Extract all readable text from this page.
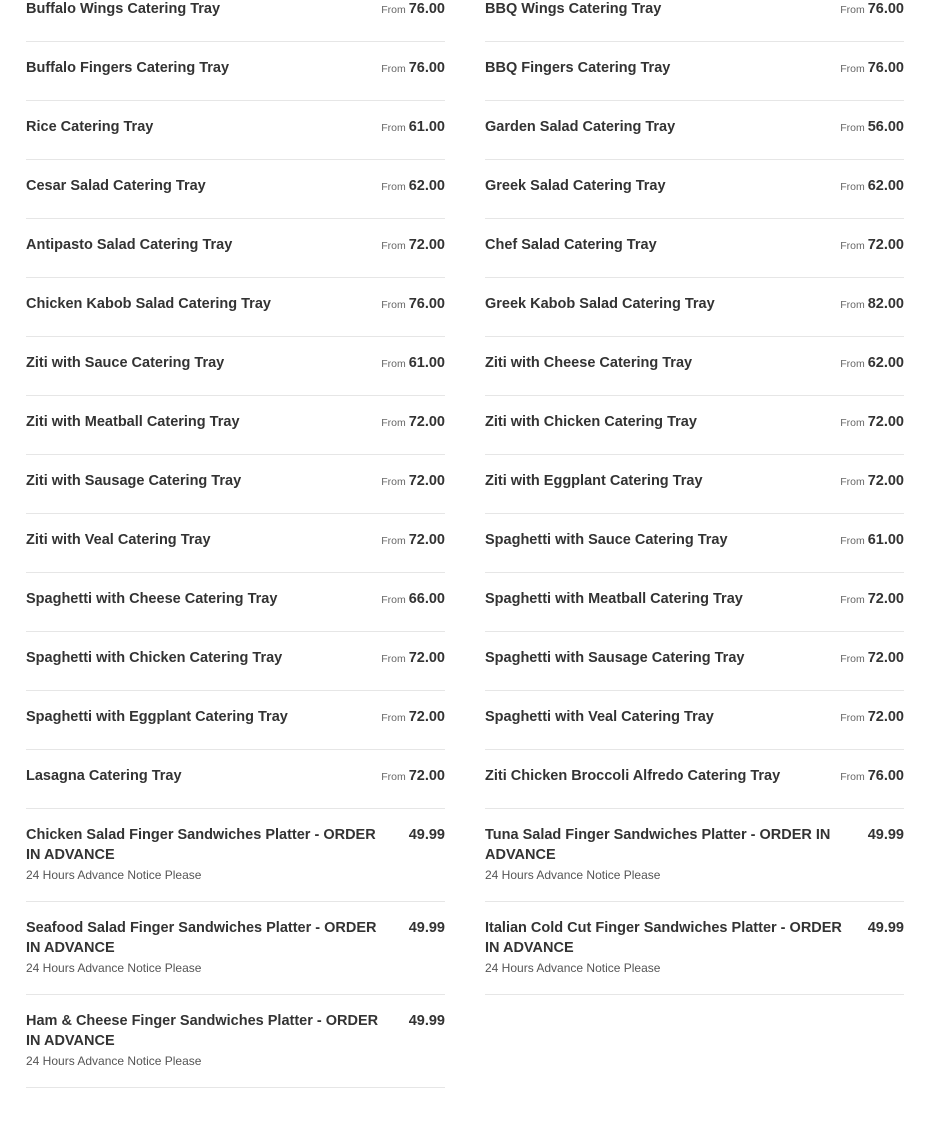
Buffalo Wings Catering Tray	From 76.00
Buffalo Fingers Catering Tray	From 76.00
Rice Catering Tray	From 61.00
Cesar Salad Catering Tray	From 62.00
Antipasto Salad Catering Tray	From 72.00
Chicken Kabob Salad Catering Tray	From 76.00
Ziti with Sauce Catering Tray	From 61.00
Ziti with Meatball Catering Tray	From 72.00
Ziti with Sausage Catering Tray	From 72.00
Ziti with Veal Catering Tray	From 72.00
Spaghetti with Cheese Catering Tray	From 66.00
Spaghetti with Chicken Catering Tray	From 72.00
Spaghetti with Eggplant Catering Tray	From 72.00
Lasagna Catering Tray	From 72.00
Chicken Salad Finger Sandwiches Platter - ORDER IN ADVANCE
24 Hours Advance Notice Please
49.99
Seafood Salad Finger Sandwiches Platter - ORDER IN ADVANCE
24 Hours Advance Notice Please
49.99
Ham & Cheese Finger Sandwiches Platter - ORDER IN ADVANCE
24 Hours Advance Notice Please
49.99
BBQ Wings Catering Tray	From 76.00
BBQ Fingers Catering Tray	From 76.00
Garden Salad Catering Tray	From 56.00
Greek Salad Catering Tray	From 62.00
Chef Salad Catering Tray	From 72.00
Greek Kabob Salad Catering Tray	From 82.00
Ziti with Cheese Catering Tray	From 62.00
Ziti with Chicken Catering Tray	From 72.00
Ziti with Eggplant Catering Tray	From 72.00
Spaghetti with Sauce Catering Tray	From 61.00
Spaghetti with Meatball Catering Tray	From 72.00
Spaghetti with Sausage Catering Tray	From 72.00
Spaghetti with Veal Catering Tray	From 72.00
Ziti Chicken Broccoli Alfredo Catering Tray	From 76.00
Tuna Salad Finger Sandwiches Platter - ORDER IN ADVANCE
24 Hours Advance Notice Please
49.99
Italian Cold Cut Finger Sandwiches Platter - ORDER IN ADVANCE
24 Hours Advance Notice Please
49.99
